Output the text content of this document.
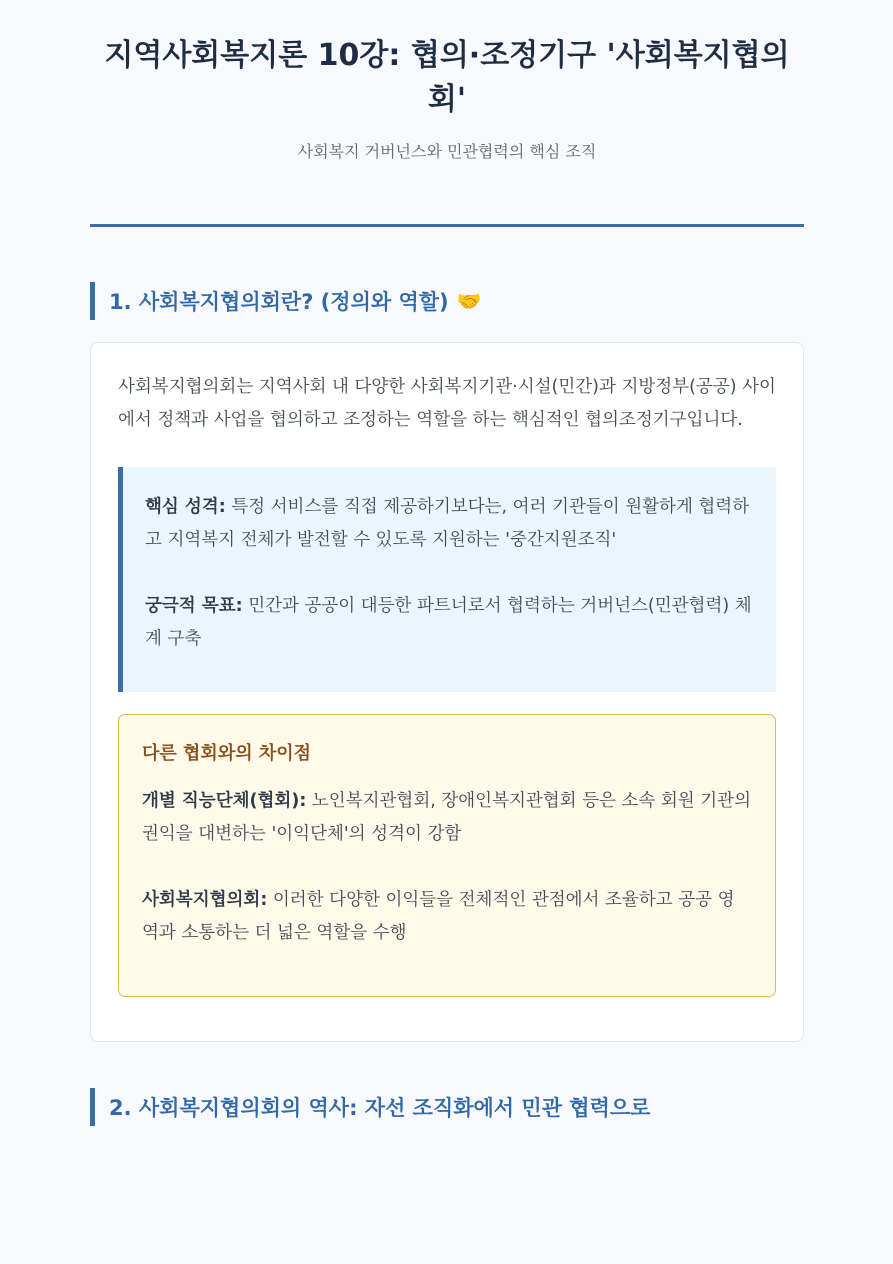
지역사회복지론 10강: 협의·조정기구 '사회복지협의회'
사회복지 거버넌스와 민관협력의 핵심 조직
1. 사회복지협의회란? (정의와 역할) 🤝

사회복지협의회는 지역사회 내 다양한 사회복지기관·시설(민간)과 지방정부(공공) 사이에서 정책과 사업을 협의하고 조정하는 역할을 하는 핵심적인 협의조정기구입니다.

핵심 성격: 특정 서비스를 직접 제공하기보다는, 여러 기관들이 원활하게 협력하고 지역복지 전체가 발전할 수 있도록 지원하는 '중간지원조직'

궁극적 목표: 민간과 공공이 대등한 파트너로서 협력하는 거버넌스(민관협력) 체계 구축

다른 협회와의 차이점

개별 직능단체(협회): 노인복지관협회, 장애인복지관협회 등은 소속 회원 기관의 권익을 대변하는 '이익단체'의 성격이 강함

사회복지협의회: 이러한 다양한 이익들을 전체적인 관점에서 조율하고 공공 영역과 소통하는 더 넓은 역할을 수행

2. 사회복지협의회의 역사: 자선 조직화에서 민관 협력으로
